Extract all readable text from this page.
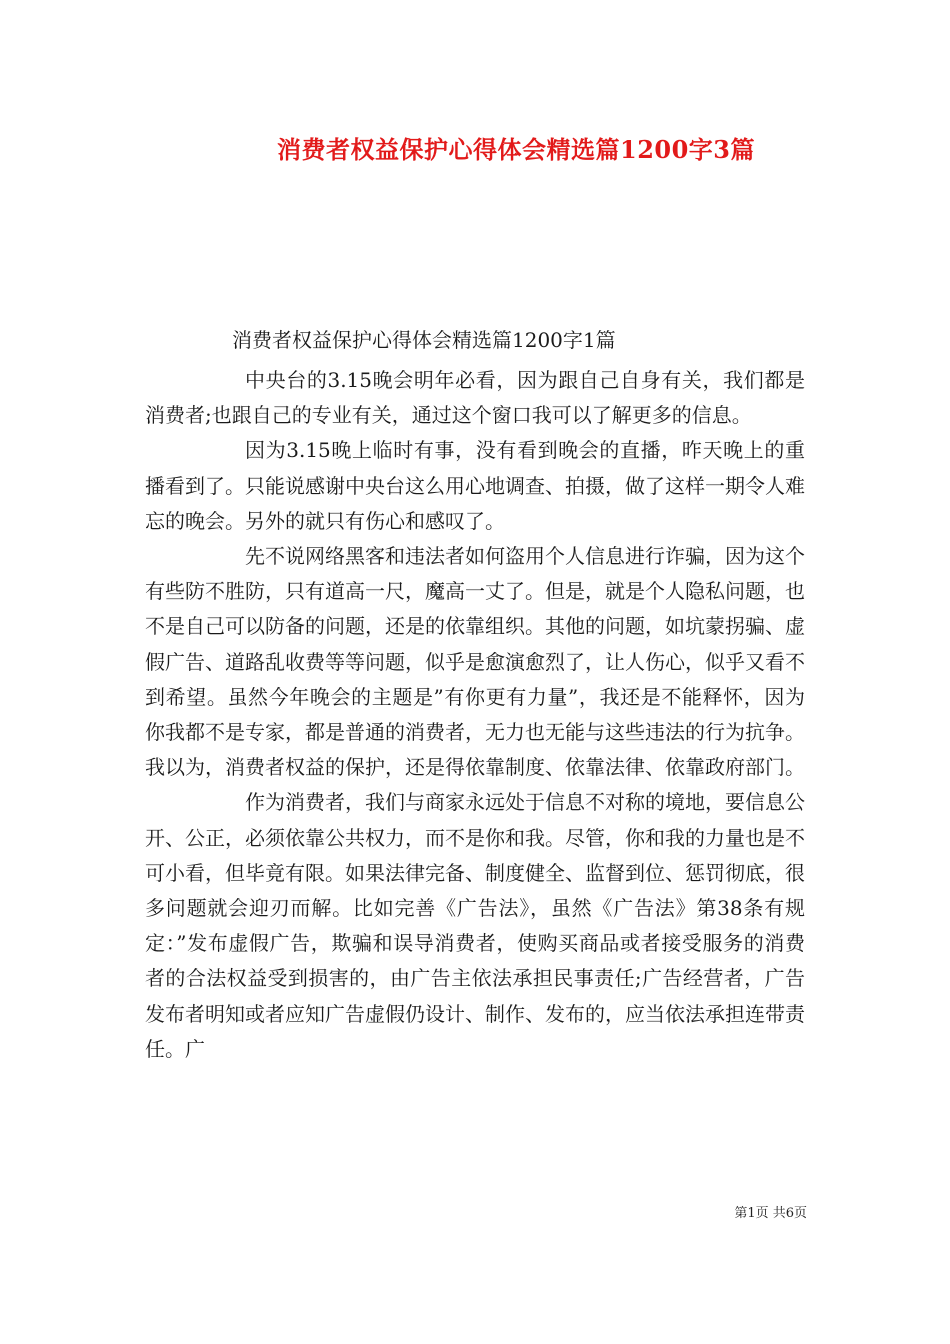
消费者权益保护心得体会精选篇1200字3篇
消费者权益保护心得体会精选篇1200字1篇

中央台的3.15晚会明年必看，因为跟自己自身有关，我们都是消费者;也跟自己的专业有关，通过这个窗口我可以了解更多的信息。

因为3.15晚上临时有事，没有看到晚会的直播，昨天晚上的重播看到了。只能说感谢中央台这么用心地调查、拍摄，做了这样一期令人难忘的晚会。另外的就只有伤心和感叹了。

先不说网络黑客和违法者如何盗用个人信息进行诈骗，因为这个有些防不胜防，只有道高一尺，魔高一丈了。但是，就是个人隐私问题，也不是自己可以防备的问题，还是的依靠组织。其他的问题，如坑蒙拐骗、虚假广告、道路乱收费等等问题，似乎是愈演愈烈了，让人伤心，似乎又看不到希望。虽然今年晚会的主题是”有你更有力量”，我还是不能释怀，因为你我都不是专家，都是普通的消费者，无力也无能与这些违法的行为抗争。我以为，消费者权益的保护，还是得依靠制度、依靠法律、依靠政府部门。

作为消费者，我们与商家永远处于信息不对称的境地，要信息公开、公正，必须依靠公共权力，而不是你和我。尽管，你和我的力量也是不可小看，但毕竟有限。如果法律完备、制度健全、监督到位、惩罚彻底，很多问题就会迎刃而解。比如完善《广告法》，虽然《广告法》第38条有规定：”发布虚假广告，欺骗和误导消费者，使购买商品或者接受服务的消费者的合法权益受到损害的，由广告主依法承担民事责任;广告经营者，广告发布者明知或者应知广告虚假仍设计、制作、发布的，应当依法承担连带责任。广

第1页 共6页
